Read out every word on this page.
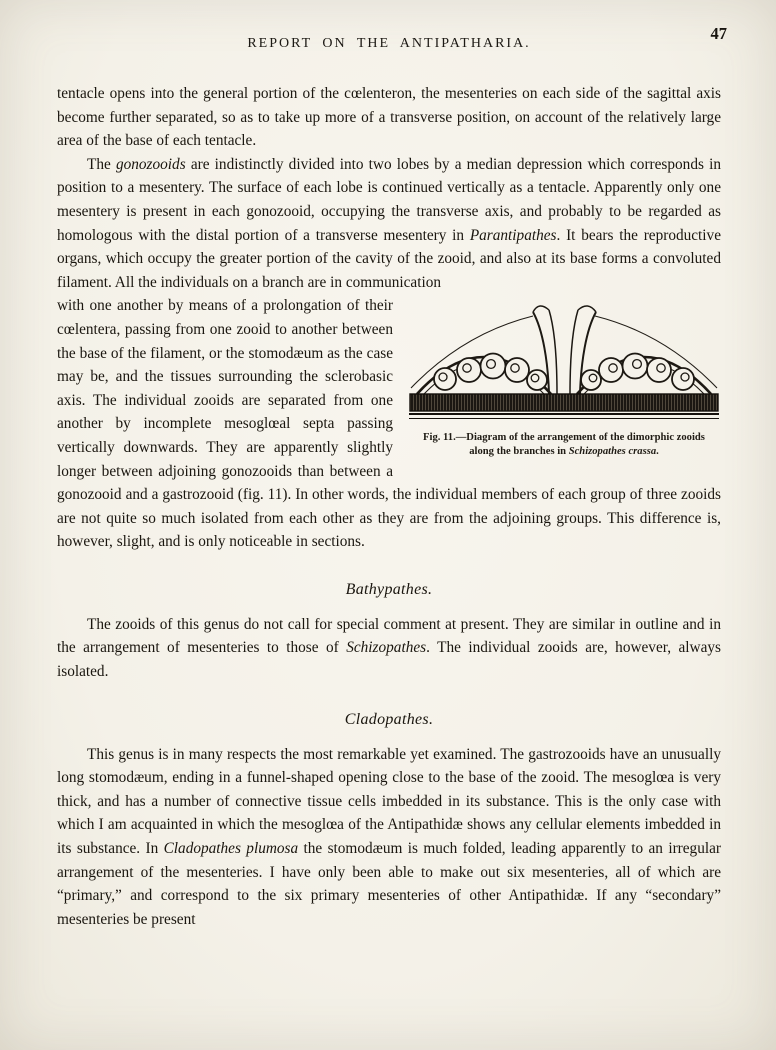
REPORT ON THE ANTIPATHARIA.
47

tentacle opens into the general portion of the cœlenteron, the mesenteries on each side of the sagittal axis become further separated, so as to take up more of a transverse position, on account of the relatively large area of the base of each tentacle.

The gonozooids are indistinctly divided into two lobes by a median depression which corresponds in position to a mesentery. The surface of each lobe is continued vertically as a tentacle. Apparently only one mesentery is present in each gonozooid, occupying the transverse axis, and probably to be regarded as homologous with the distal portion of a transverse mesentery in Parantipathes. It bears the reproductive organs, which occupy the greater portion of the cavity of the zooid, and also at its base forms a convoluted filament. All the individuals on a branch are in communication

Fig. 11.—Diagram of the arrangement of the dimorphic zooids along the branches in Schizopathes crassa.
with one another by means of a prolongation of their cœlentera, passing from one zooid to another between the base of the filament, or the stomodæum as the case may be, and the tissues surrounding the sclerobasic axis. The individual zooids are separated from one another by incomplete mesoglœal septa passing vertically downwards. They are apparently slightly longer between adjoining gonozooids than between a gonozooid and a gastrozooid (fig. 11). In other words, the individual members of each group of three zooids are not quite so much isolated from each other as they are from the adjoining groups. This difference is, however, slight, and is only noticeable in sections.
Bathypathes.

The zooids of this genus do not call for special comment at present. They are similar in outline and in the arrangement of mesenteries to those of Schizopathes. The individual zooids are, however, always isolated.

Cladopathes.

This genus is in many respects the most remarkable yet examined. The gastrozooids have an unusually long stomodæum, ending in a funnel-shaped opening close to the base of the zooid. The mesoglœa is very thick, and has a number of connective tissue cells imbedded in its substance. This is the only case with which I am acquainted in which the mesoglœa of the Antipathidæ shows any cellular elements imbedded in its substance. In Cladopathes plumosa the stomodæum is much folded, leading apparently to an irregular arrangement of the mesenteries. I have only been able to make out six mesenteries, all of which are “primary,” and correspond to the six primary mesenteries of other Antipathidæ. If any “secondary” mesenteries be present
